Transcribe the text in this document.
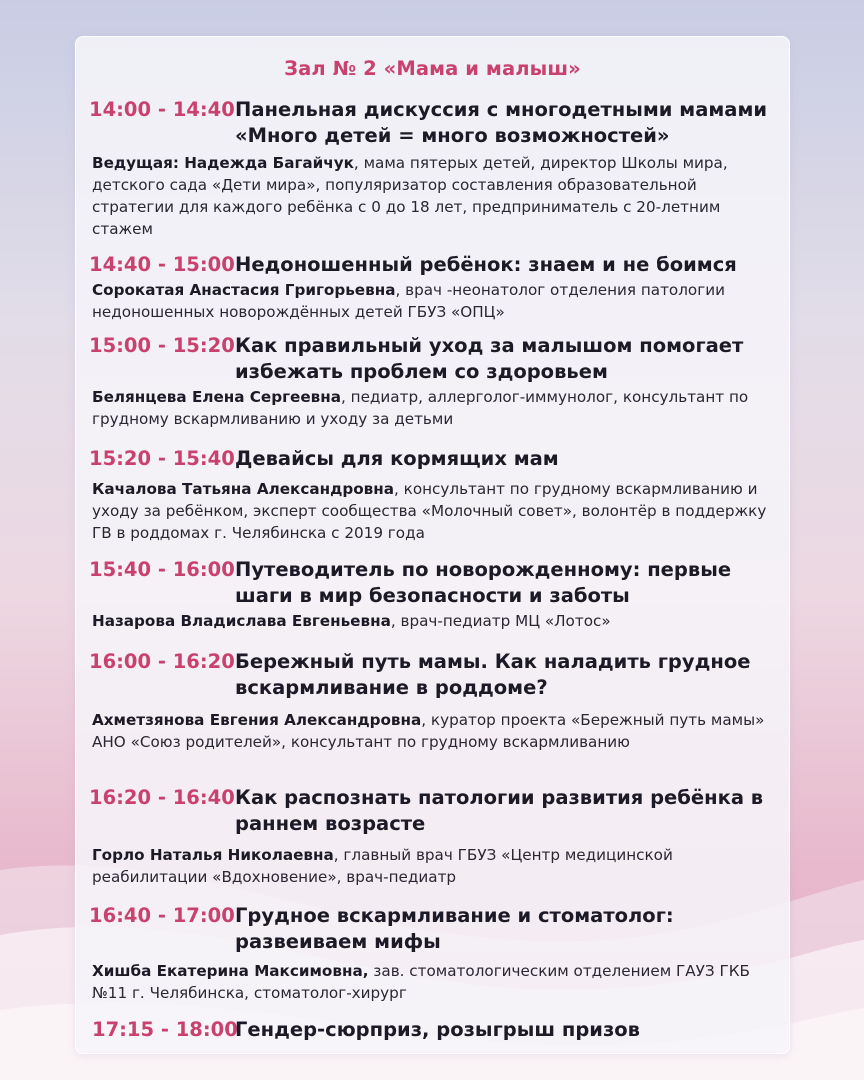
Зал № 2 «Мама и малыш»
14:00 - 14:40 Панельная дискуссия с многодетными мамами «Много детей = много возможностей»
Ведущая: Надежда Багайчук, мама пятерых детей, директор Школы мира, детского сада «Дети мира», популяризатор составления образовательной стратегии для каждого ребёнка с 0 до 18 лет, предприниматель с 20-летним стажем
14:40 - 15:00 Недоношенный ребёнок: знаем и не боимся
Сорокатая Анастасия Григорьевна, врач -неонатолог отделения патологии недоношенных новорождённых детей ГБУЗ «ОПЦ»
15:00 - 15:20 Как правильный уход за малышом помогает избежать проблем со здоровьем
Белянцева Елена Сергеевна, педиатр, аллерголог-иммунолог, консультант по грудному вскармливанию и уходу за детьми
15:20 - 15:40 Девайсы для кормящих мам
Качалова Татьяна Александровна, консультант по грудному вскармливанию и уходу за ребёнком, эксперт сообщества «Молочный совет», волонтёр в поддержку ГВ в роддомах г. Челябинска с 2019 года
15:40 - 16:00 Путеводитель по новорожденному: первые шаги в мир безопасности и заботы
Назарова Владислава Евгеньевна, врач-педиатр МЦ «Лотос»
16:00 - 16:20 Бережный путь мамы. Как наладить грудное вскармливание в роддоме?
Ахметзянова Евгения Александровна, куратор проекта «Бережный путь мамы» АНО «Союз родителей», консультант по грудному вскармливанию
16:20 - 16:40 Как распознать патологии развития ребёнка в раннем возрасте
Горло Наталья Николаевна, главный врач ГБУЗ «Центр медицинской реабилитации «Вдохновение», врач-педиатр
16:40 - 17:00 Грудное вскармливание и стоматолог: развеиваем мифы
Хишба Екатерина Максимовна, зав. стоматологическим отделением ГАУЗ ГКБ №11 г. Челябинска, стоматолог-хирург
17:15 - 18:00
Гендер-сюрприз, розыгрыш призов
